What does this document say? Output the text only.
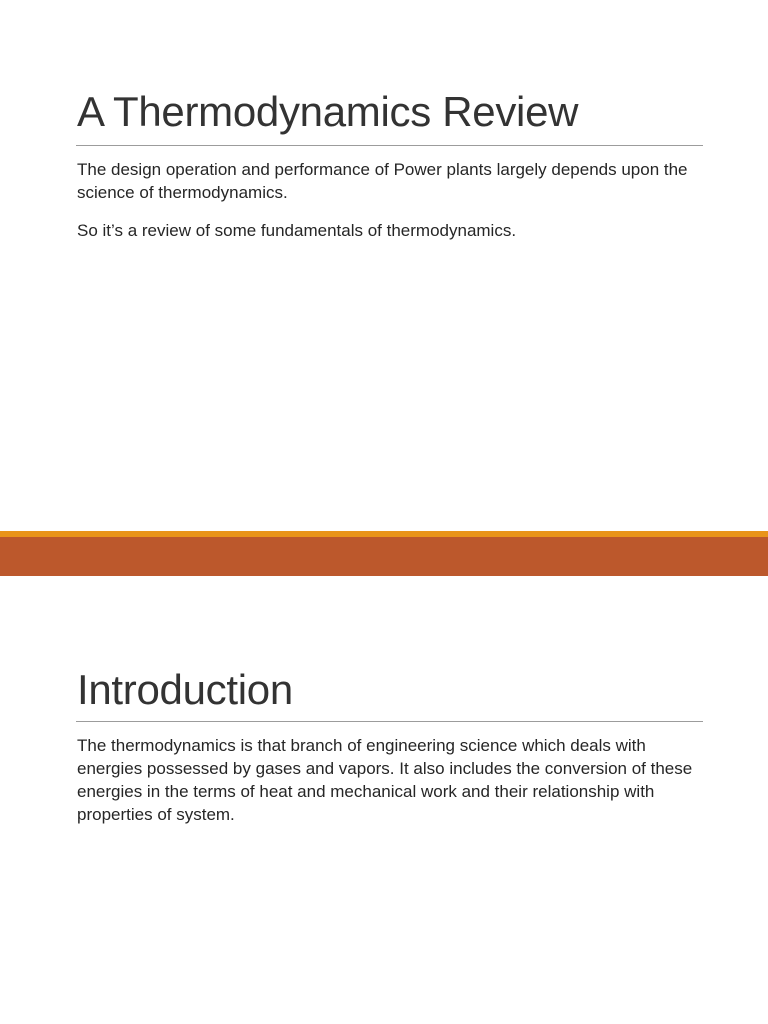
A Thermodynamics Review

The design operation and performance of Power plants largely depends upon the science of thermodynamics.

So it’s a review of some fundamentals of thermodynamics.

Introduction

The thermodynamics is that branch of engineering science which deals with energies possessed by gases and vapors. It also includes the conversion of these energies in the terms of heat and mechanical work and their relationship with properties of system.
